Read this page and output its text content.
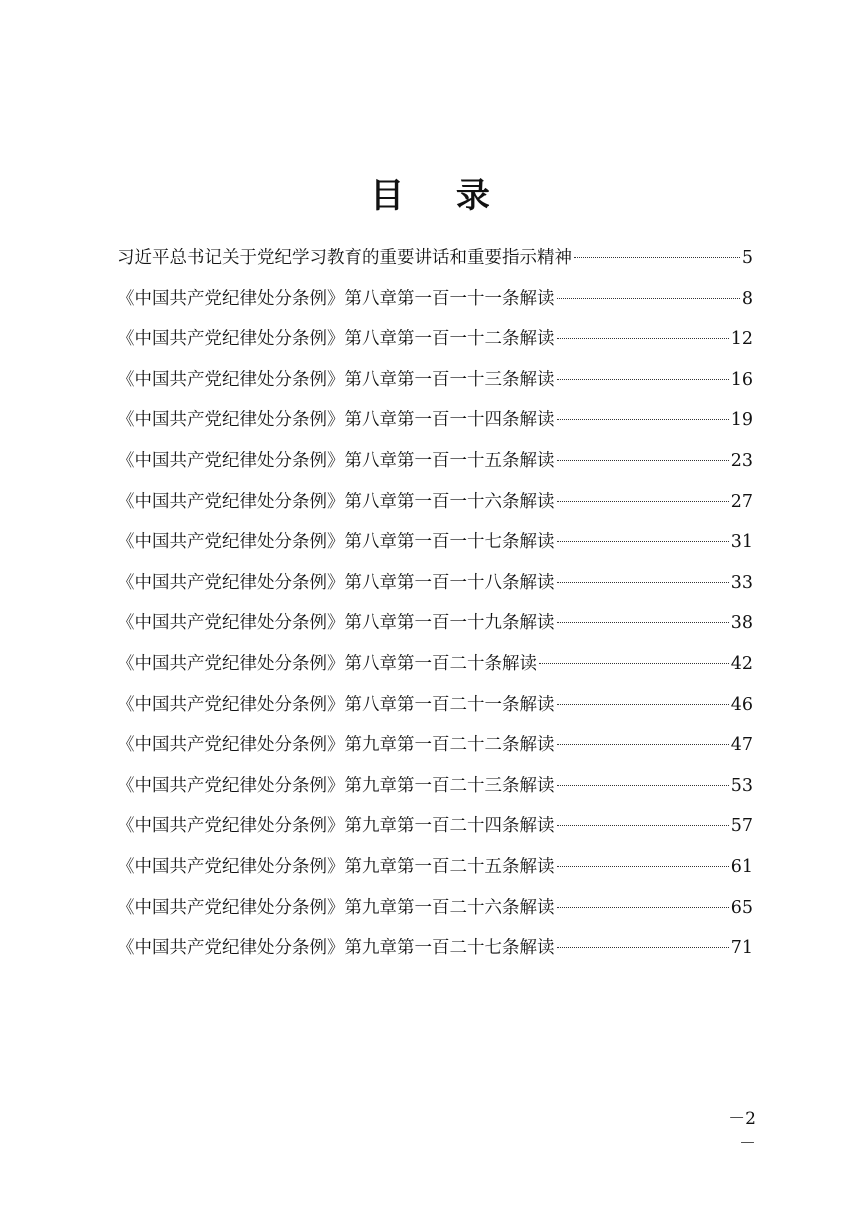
目 录
习近平总书记关于党纪学习教育的重要讲话和重要指示精神	5
《中国共产党纪律处分条例》第八章第一百一十一条解读	8
《中国共产党纪律处分条例》第八章第一百一十二条解读	12
《中国共产党纪律处分条例》第八章第一百一十三条解读	16
《中国共产党纪律处分条例》第八章第一百一十四条解读	19
《中国共产党纪律处分条例》第八章第一百一十五条解读	23
《中国共产党纪律处分条例》第八章第一百一十六条解读	27
《中国共产党纪律处分条例》第八章第一百一十七条解读	31
《中国共产党纪律处分条例》第八章第一百一十八条解读	33
《中国共产党纪律处分条例》第八章第一百一十九条解读	38
《中国共产党纪律处分条例》第八章第一百二十条解读	42
《中国共产党纪律处分条例》第八章第一百二十一条解读	46
《中国共产党纪律处分条例》第九章第一百二十二条解读	47
《中国共产党纪律处分条例》第九章第一百二十三条解读	53
《中国共产党纪律处分条例》第九章第一百二十四条解读	57
《中国共产党纪律处分条例》第九章第一百二十五条解读	61
《中国共产党纪律处分条例》第九章第一百二十六条解读	65
《中国共产党纪律处分条例》第九章第一百二十七条解读	71
－2－
